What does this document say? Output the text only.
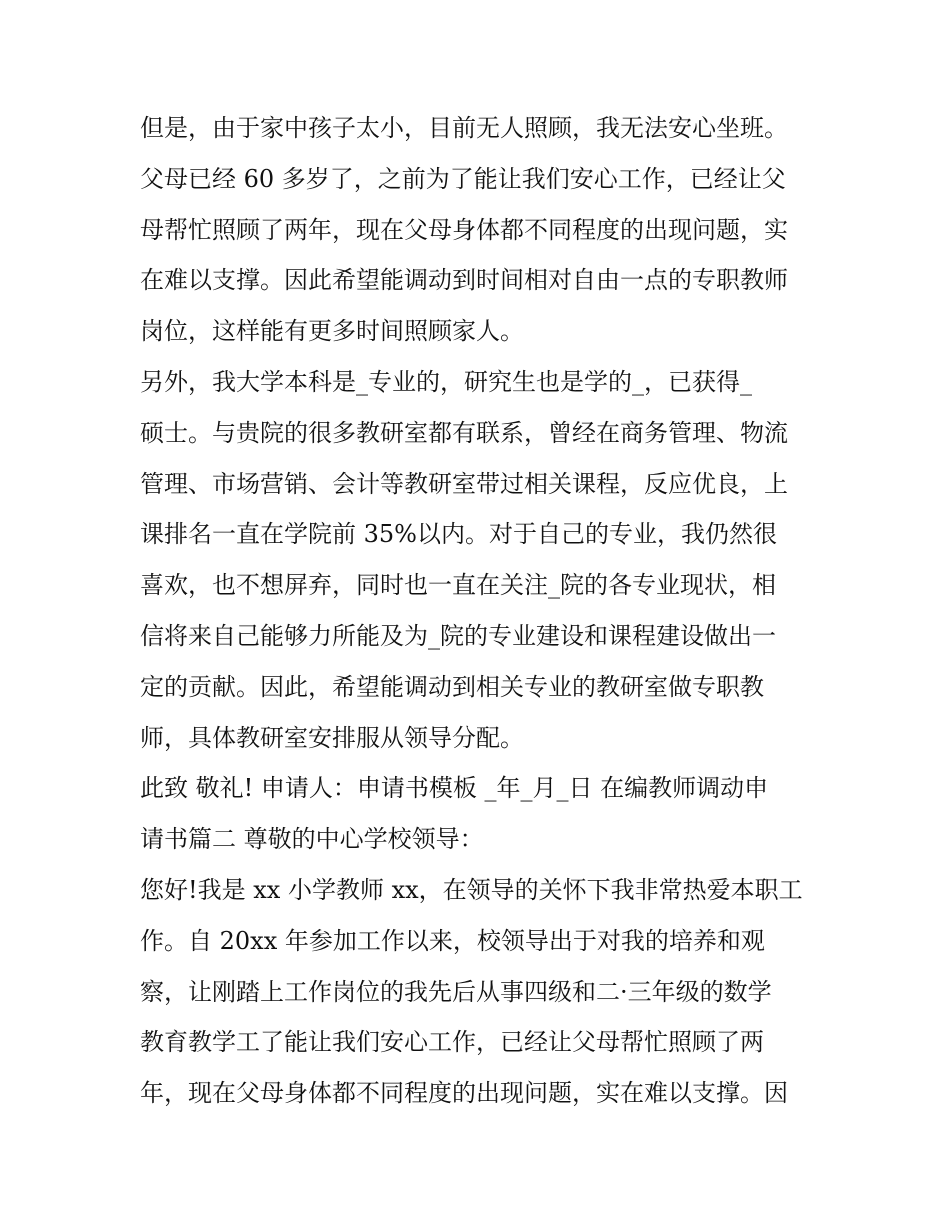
但是，由于家中孩子太小，目前无人照顾，我无法安心坐班。
父母已经 60 多岁了，之前为了能让我们安心工作，已经让父
母帮忙照顾了两年，现在父母身体都不同程度的出现问题，实
在难以支撑。因此希望能调动到时间相对自由一点的专职教师
岗位，这样能有更多时间照顾家人。
另外，我大学本科是_专业的，研究生也是学的_，已获得_
硕士。与贵院的很多教研室都有联系，曾经在商务管理、物流
管理、市场营销、会计等教研室带过相关课程，反应优良，上
课排名一直在学院前 35%以内。对于自己的专业，我仍然很
喜欢，也不想屏弃，同时也一直在关注_院的各专业现状，相
信将来自己能够力所能及为_院的专业建设和课程建设做出一
定的贡献。因此，希望能调动到相关专业的教研室做专职教
师，具体教研室安排服从领导分配。
此致 敬礼! 申请人：申请书模板 _年_月_日 在编教师调动申
请书篇二 尊敬的中心学校领导：
您好!我是 xx 小学教师 xx，在领导的关怀下我非常热爱本职工
作。自 20xx 年参加工作以来，校领导出于对我的培养和观
察，让刚踏上工作岗位的我先后从事四级和二·三年级的数学
教育教学工了能让我们安心工作，已经让父母帮忙照顾了两
年，现在父母身体都不同程度的出现问题，实在难以支撑。因
